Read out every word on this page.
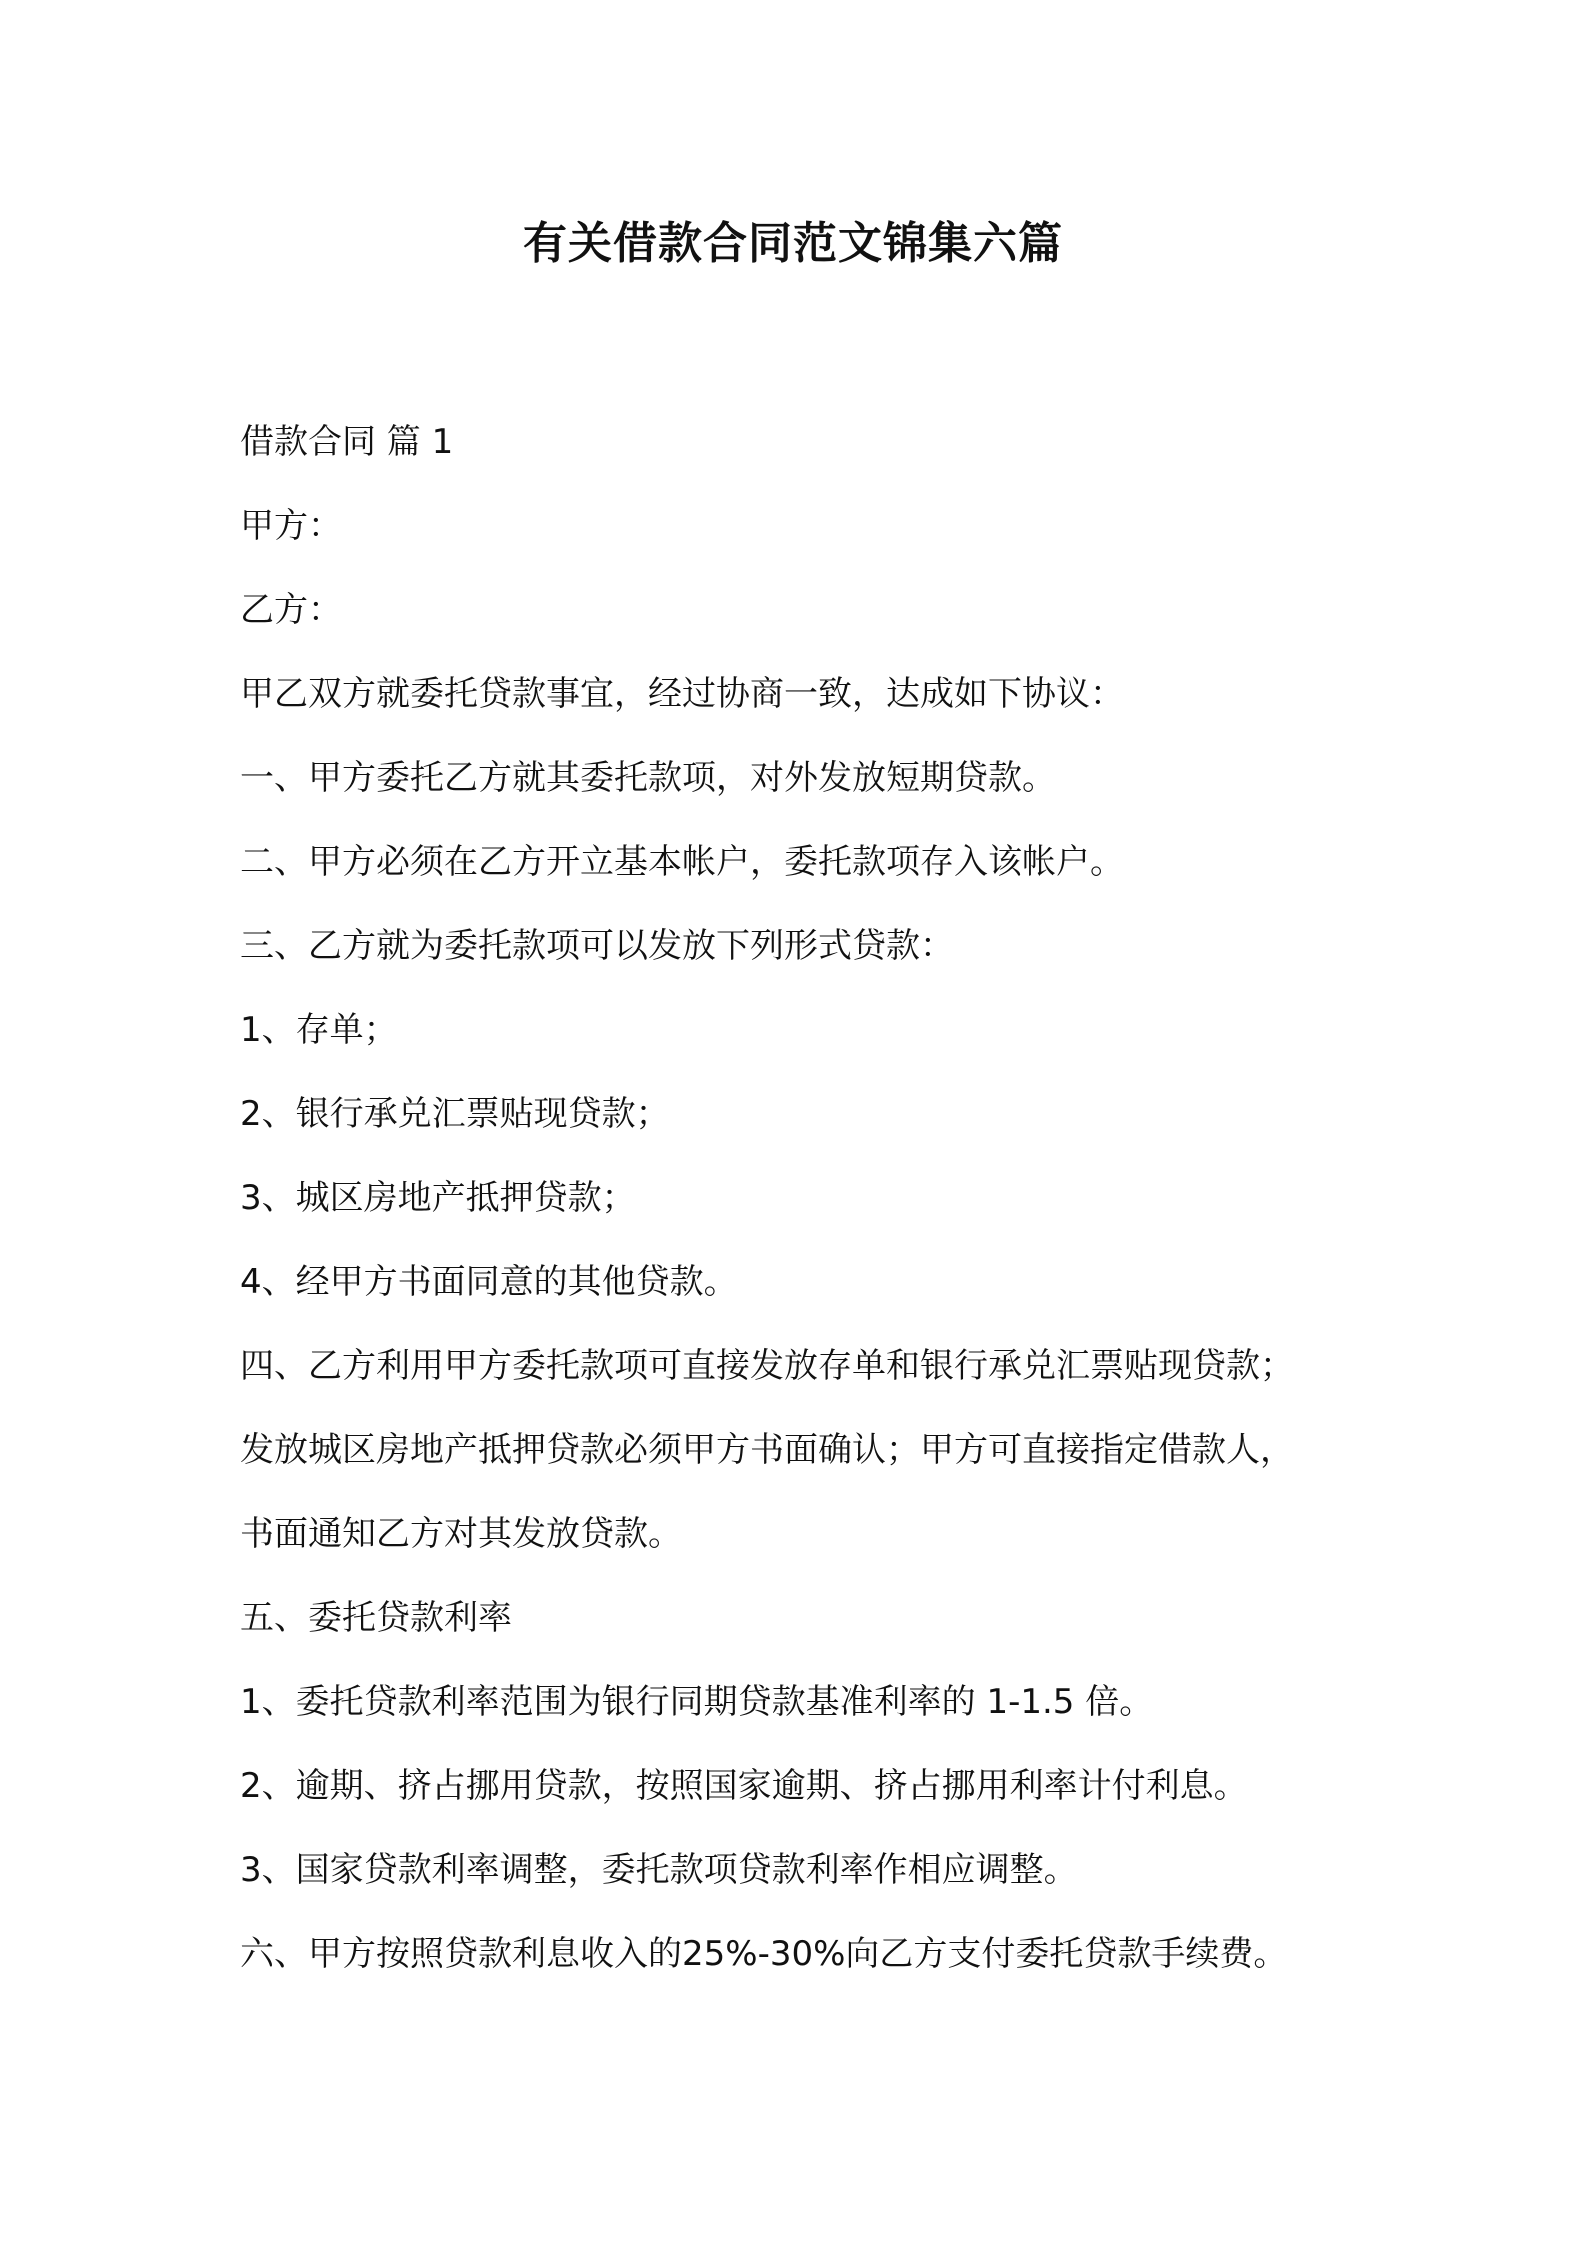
有关借款合同范文锦集六篇

借款合同 篇 1

甲方：

乙方：

甲乙双方就委托贷款事宜，经过协商一致，达成如下协议：

一、甲方委托乙方就其委托款项，对外发放短期贷款。

二、甲方必须在乙方开立基本帐户，委托款项存入该帐户。

三、乙方就为委托款项可以发放下列形式贷款：

1、存单；

2、银行承兑汇票贴现贷款；

3、城区房地产抵押贷款；

4、经甲方书面同意的其他贷款。

四、乙方利用甲方委托款项可直接发放存单和银行承兑汇票贴现贷款；

发放城区房地产抵押贷款必须甲方书面确认；甲方可直接指定借款人，

书面通知乙方对其发放贷款。

五、委托贷款利率

1、委托贷款利率范围为银行同期贷款基准利率的 1-1.5 倍。

2、逾期、挤占挪用贷款，按照国家逾期、挤占挪用利率计付利息。

3、国家贷款利率调整，委托款项贷款利率作相应调整。

六、甲方按照贷款利息收入的25%-30%向乙方支付委托贷款手续费。
